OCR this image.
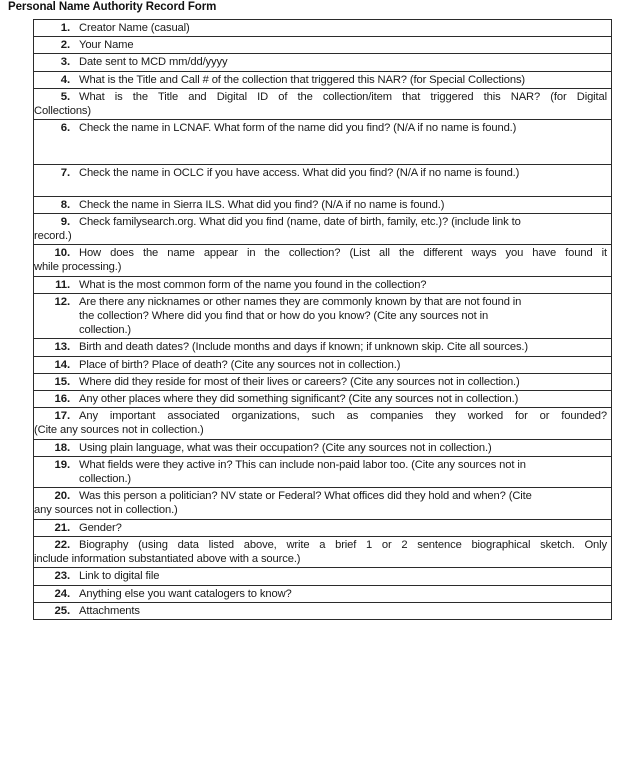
Personal Name Authority Record Form
1. Creator Name (casual)

2. Your Name

3. Date sent to MCD mm/dd/yyyy

4. What is the Title and Call # of the collection that triggered this NAR? (for Special Collections)

5. What is the Title and Digital ID of the collection/item that triggered this NAR? (for Digital
Collections)

6. Check the name in LCNAF. What form of the name did you find? (N/A if no name is found.)

7. Check the name in OCLC if you have access. What did you find? (N/A if no name is found.)

8. Check the name in Sierra ILS. What did you find? (N/A if no name is found.)

9. Check familysearch.org. What did you find (name, date of birth, family, etc.)? (include link to
record.)

10. How does the name appear in the collection? (List all the different ways you have found it
while processing.)

11. What is the most common form of the name you found in the collection?

12. Are there any nicknames or other names they are commonly known by that are not found in
the collection? Where did you find that or how do you know? (Cite any sources not in
collection.)

13. Birth and death dates? (Include months and days if known; if unknown skip. Cite all sources.)

14. Place of birth? Place of death? (Cite any sources not in collection.)

15. Where did they reside for most of their lives or careers? (Cite any sources not in collection.)

16. Any other places where they did something significant? (Cite any sources not in collection.)

17. Any important associated organizations, such as companies they worked for or founded?
(Cite any sources not in collection.)

18. Using plain language, what was their occupation? (Cite any sources not in collection.)

19. What fields were they active in? This can include non-paid labor too. (Cite any sources not in
collection.)

20. Was this person a politician? NV state or Federal? What offices did they hold and when? (Cite
any sources not in collection.)

21. Gender?

22. Biography (using data listed above, write a brief 1 or 2 sentence biographical sketch. Only
include information substantiated above with a source.)

23. Link to digital file

24. Anything else you want catalogers to know?

25. Attachments
